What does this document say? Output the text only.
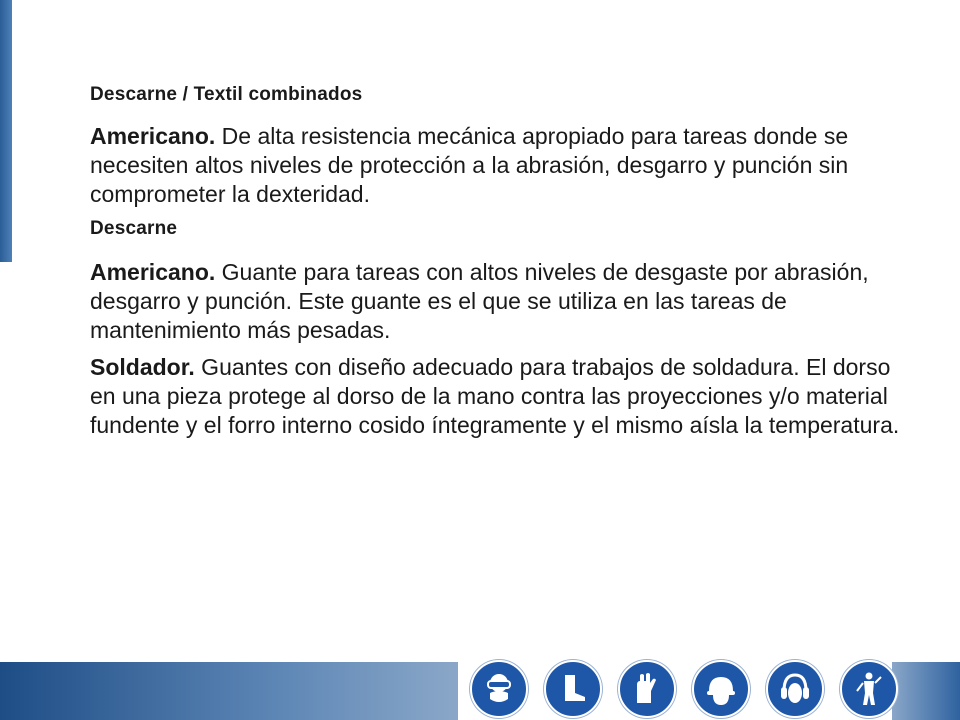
Descarne / Textil combinados

Americano. De alta resistencia mecánica apropiado para tareas donde se necesiten altos niveles de protección a la abrasión, desgarro y punción sin comprometer la dexteridad.

Descarne

Americano. Guante para tareas con altos niveles de desgaste por abrasión, desgarro y punción. Este guante es el que se utiliza en las tareas de mantenimiento más pesadas.

Soldador. Guantes con diseño adecuado para trabajos de soldadura. El dorso en una pieza protege al dorso de la mano contra las proyecciones y/o material fundente y el forro interno cosido íntegramente y el mismo aísla la temperatura.
